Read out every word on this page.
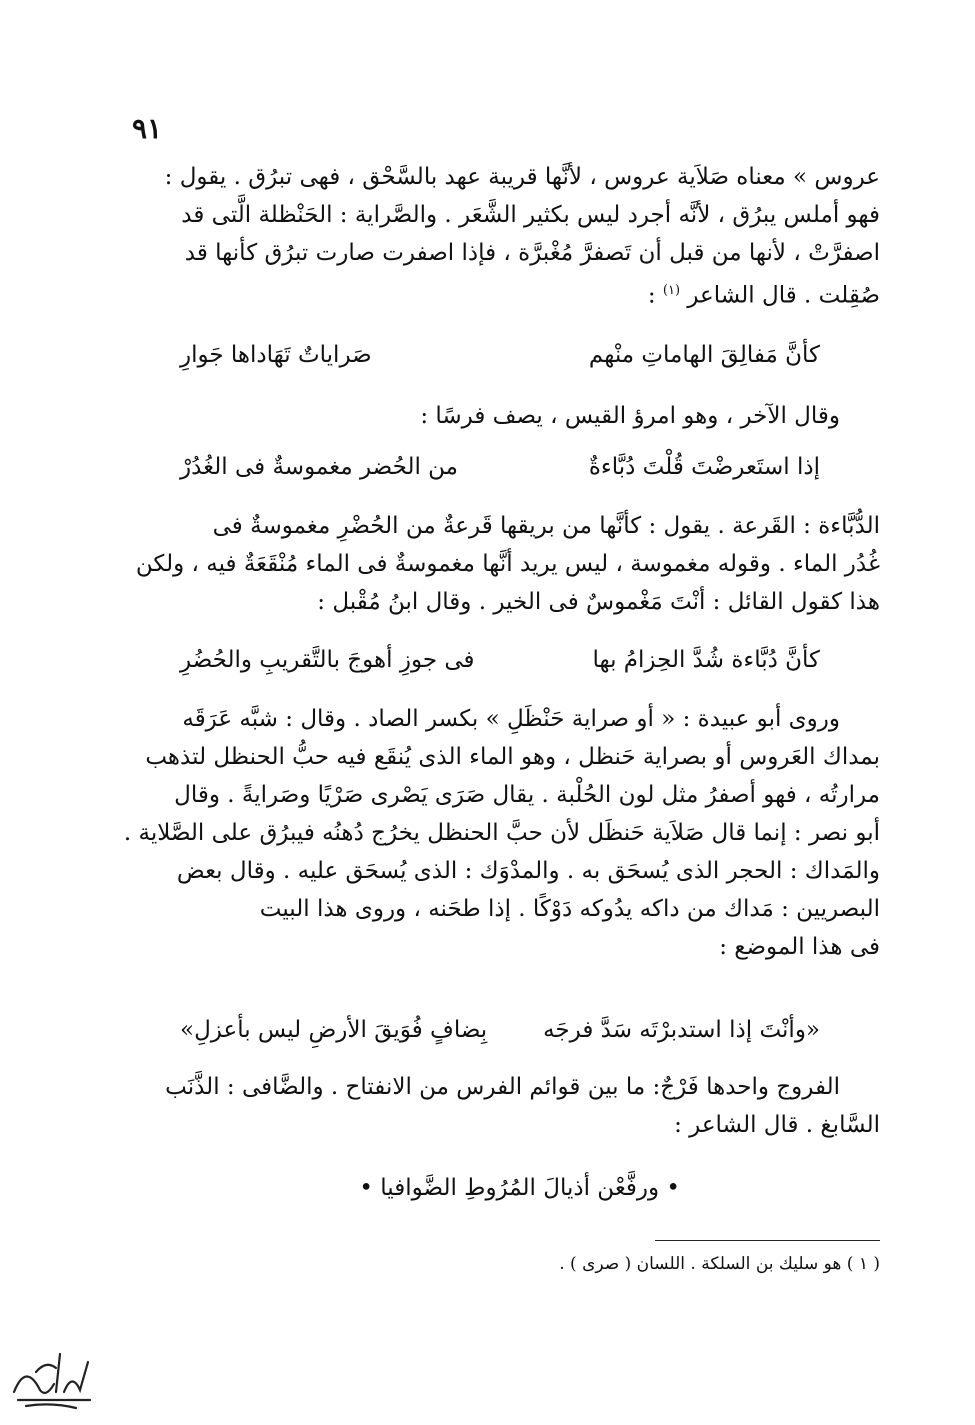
٩١
عروس » معناه صَلاَية عروس ، لأنَّها قريبة عهد بالسَّحْق ، فهى تبرُق . يقول :
فهو أملس يبرُق ، لأنَّه أجرد ليس بكثير الشَّعَر . والصَّراية : الحَنْظلة الَّتى قد
اصفرَّتْ ، لأنها من قبل أن تَصفرَّ مُغْبرَّة ، فإذا اصفرت صارت تبرُق كأنها قد
صُقِلت . قال الشاعر $^{(١)}$ :
كأنَّ مَفالِقَ الهاماتِ منْهم
صَراياتٌ تَهَاداها جَوارِ
وقال الآخر ، وهو امرؤ القيس ، يصف فرسًا :
إذا استَعرضْتَ قُلْتَ دُبَّاءةٌ
من الحُضر مغموسةٌ فى الغُدُرْ
الدُّبَّاءة : القَرعة . يقول : كأنَّها من بريقها قَرعةٌ من الحُضْرِ مغموسةٌ فى
غُدُر الماء . وقوله مغموسة ، ليس يريد أنَّها مغموسةٌ فى الماء مُنْقَعَةٌ فيه ، ولكن
هذا كقول القائل : أنْتَ مَغْموسٌ فى الخير . وقال ابنُ مُقْبل :
كأنَّ دُبَّاءة شُدَّ الحِزامُ بها
فى جوزِ أهوجَ بالتَّقريبِ والحُضُرِ
وروى أبو عبيدة : « أو صراية حَنْظَلِ » بكسر الصاد . وقال : شبَّه عَرَقَه
بمداك العَروس أو بصراية حَنظل ، وهو الماء الذى يُنقَع فيه حبُّ الحنظل لتذهب
مرارتُه ، فهو أصفرُ مثل لون الحُلْبة . يقال صَرَى يَصْرى صَرْيًا وصَرايةً . وقال
أبو نصر : إنما قال صَلاَية حَنظَل لأن حبَّ الحنظل يخرُج دُهنُه فيبرُق على الصَّلاية .
والمَداك : الحجر الذى يُسحَق به . والمدْوَك : الذى يُسحَق عليه . وقال بعض
البصريين : مَداك من داكه يدُوكه دَوْكًا . إذا طحَنه ، وروى هذا البيت
فى هذا الموضع :
«وأنْتَ إذا استدبرْتَه سَدَّ فرجَه
بِضافٍ فُوَيقَ الأرضِ ليس بأعزلِ»
الفروج واحدها فَرْجٌ: ما بين قوائم الفرس من الانفتاح . والضَّافى : الذَّنَب
السَّابغ . قال الشاعر :
• ورفَّعْن أذيالَ المُرُوطِ الضَّوافيا •
( ١ ) هو سليك بن السلكة . اللسان ( صرى ) .
